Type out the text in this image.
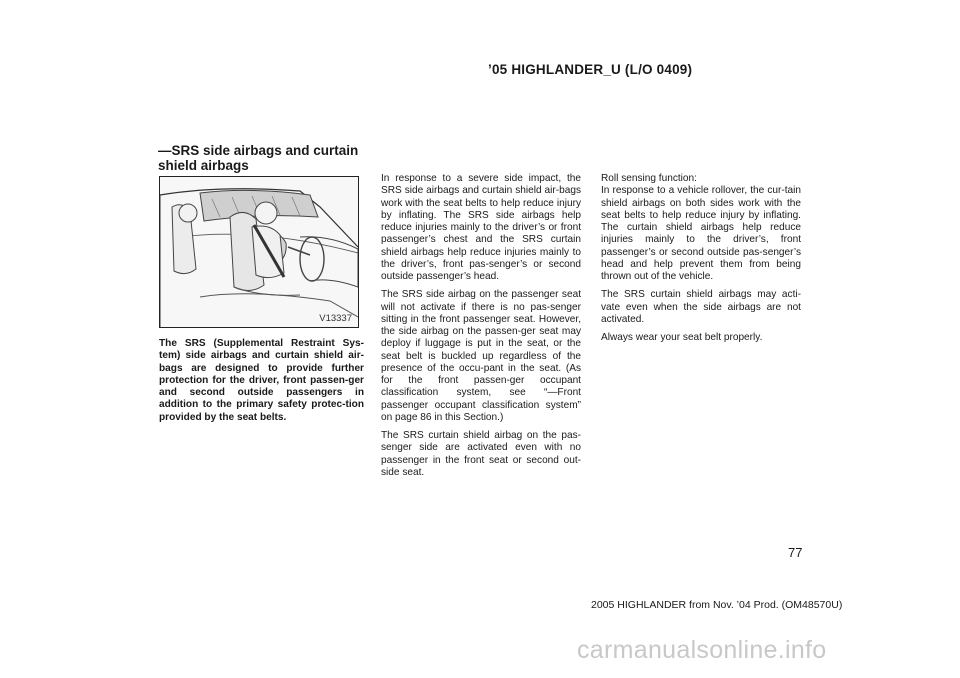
’05 HIGHLANDER_U (L/O 0409)
—SRS side airbags and curtain shield airbags
V13337
The SRS (Supplemental Restraint Sys-tem) side airbags and curtain shield air-bags are designed to provide further protection for the driver, front passen-ger and second outside passengers in addition to the primary safety protec-tion provided by the seat belts.

In response to a severe side impact, the SRS side airbags and curtain shield air-bags work with the seat belts to help reduce injury by inflating. The SRS side airbags help reduce injuries mainly to the driver’s or front passenger’s chest and the SRS curtain shield airbags help reduce injuries mainly to the driver’s, front pas-senger’s or second outside passenger’s head.

The SRS side airbag on the passenger seat will not activate if there is no pas-senger sitting in the front passenger seat. However, the side airbag on the passen-ger seat may deploy if luggage is put in the seat, or the seat belt is buckled up regardless of the presence of the occu-pant in the seat. (As for the front passen-ger occupant classification system, see “—Front passenger occupant classification system” on page 86 in this Section.)

The SRS curtain shield airbag on the pas-senger side are activated even with no passenger in the front seat or second out-side seat.

Roll sensing function:
In response to a vehicle rollover, the cur-tain shield airbags on both sides work with the seat belts to help reduce injury by inflating. The curtain shield airbags help reduce injuries mainly to the driver’s, front passenger’s or second outside pas-senger’s head and help prevent them from being thrown out of the vehicle.

The SRS curtain shield airbags may acti-vate even when the side airbags are not activated.

Always wear your seat belt properly.

77
2005 HIGHLANDER from Nov. ’04 Prod. (OM48570U)
carmanualsonline.info
